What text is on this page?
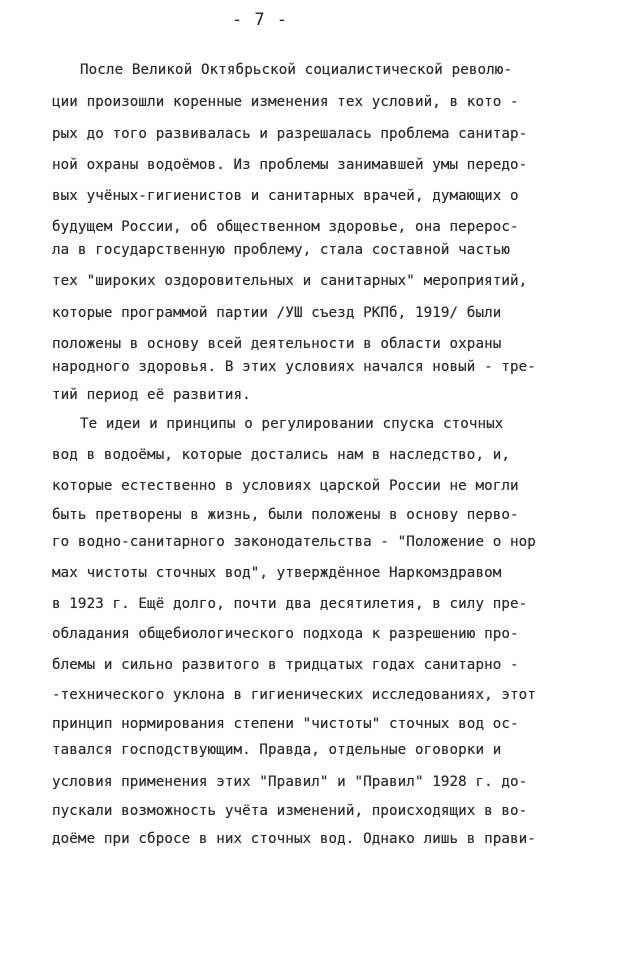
- 7 -
После Великой Октябрьской социалистической револю-
ции произошли коренные изменения тех условий, в кото -
рых до того развивалась и разрешалась проблема санитар-
ной охраны водоёмов. Из проблемы занимавшей умы передо-
вых учёных-гигиенистов и санитарных врачей, думающих о
будущем России, об общественном здоровье, она перерос-
ла в государственную проблему, стала составной частью
тех "широких оздоровительных и санитарных" мероприятий,
которые программой партии /УШ съезд РКПб, 1919/ были
положены в основу всей деятельности в области охраны
народного здоровья. В этих условиях начался новый - тре-
тий период её развития.
Те идеи и принципы о регулировании спуска сточных
вод в водоёмы, которые достались нам в наследство, и,
которые естественно в условиях царской России не могли
быть претворены в жизнь, были положены в основу перво-
го водно-санитарного законодательства - "Положение о нор
мах чистоты сточных вод", утверждённое Наркомздравом
в 1923 г. Ещё долго, почти два десятилетия, в силу пре-
обладания общебиологического подхода к разрешению про-
блемы и сильно развитого в тридцатых годах санитарно -
-технического уклона в гигиенических исследованиях, этот
принцип нормирования степени "чистоты" сточных вод ос-
тавался господствующим. Правда, отдельные оговорки и
условия применения этих "Правил" и "Правил" 1928 г. до-
пускали возможность учёта изменений, происходящих в во-
доёме при сбросе в них сточных вод. Однако лишь в прави-
